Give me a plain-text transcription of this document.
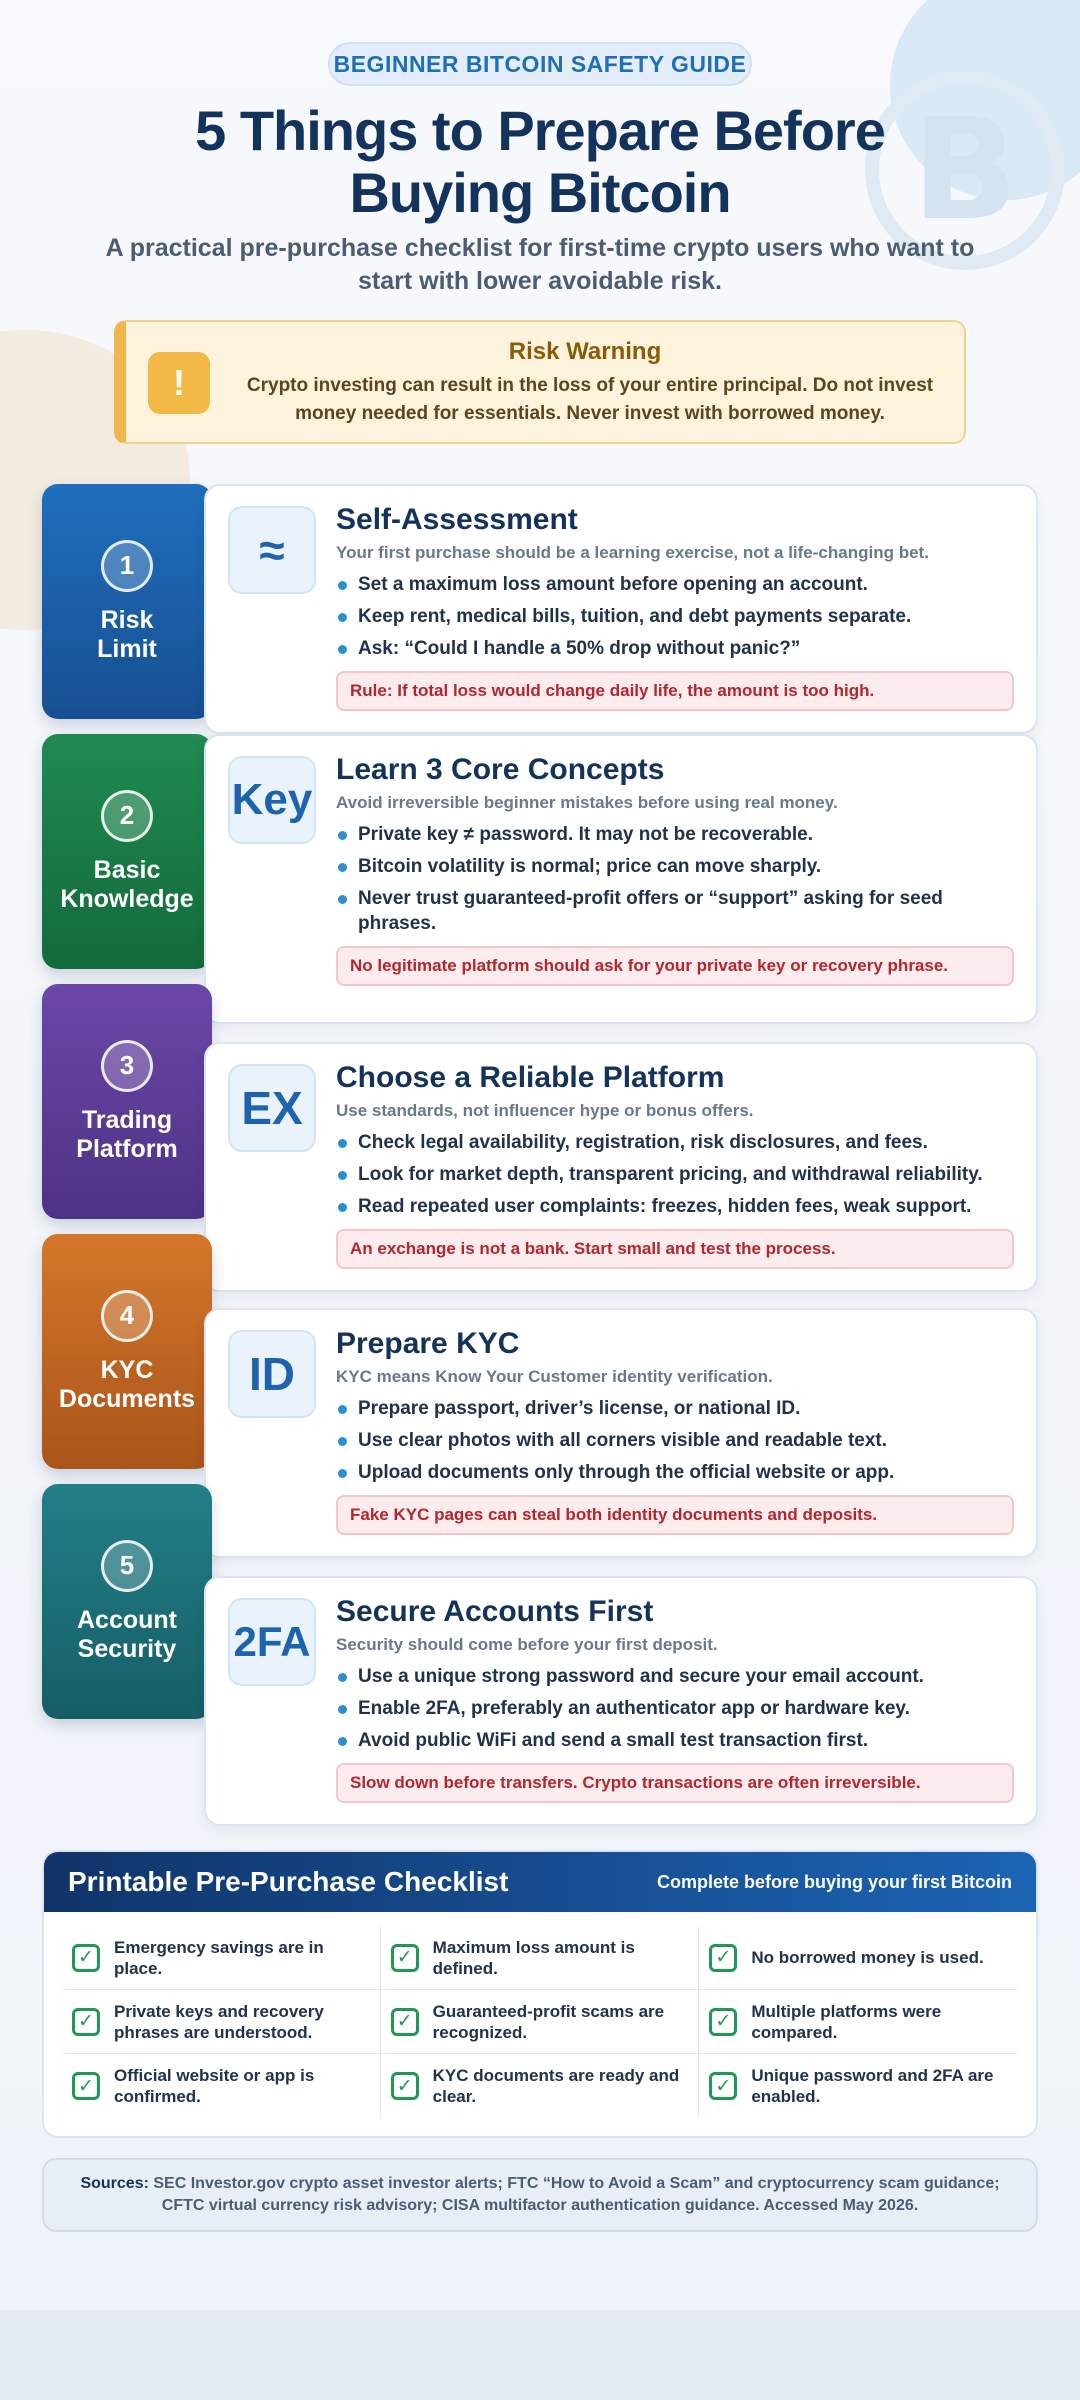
B
BEGINNER BITCOIN SAFETY GUIDE
5 Things to Prepare Before Buying Bitcoin

A practical pre-purchase checklist for first-time crypto users who want to start with lower avoidable risk.

!
Risk Warning
Crypto investing can result in the loss of your entire principal. Do not invest money needed for essentials. Never invest with borrowed money.
1
Risk Limit
≈
Self-Assessment
Your first purchase should be a learning exercise, not a life-changing bet.
Set a maximum loss amount before opening an account.
Keep rent, medical bills, tuition, and debt payments separate.
Ask: “Could I handle a 50% drop without panic?”
Rule: If total loss would change daily life, the amount is too high.
2
Basic Knowledge
Key
Learn 3 Core Concepts
Avoid irreversible beginner mistakes before using real money.
Private key ≠ password. It may not be recoverable.
Bitcoin volatility is normal; price can move sharply.
Never trust guaranteed-profit offers or “support” asking for seed phrases.
No legitimate platform should ask for your private key or recovery phrase.
3
Trading Platform
EX
Choose a Reliable Platform
Use standards, not influencer hype or bonus offers.
Check legal availability, registration, risk disclosures, and fees.
Look for market depth, transparent pricing, and withdrawal reliability.
Read repeated user complaints: freezes, hidden fees, weak support.
An exchange is not a bank. Start small and test the process.
4
KYC Documents	ID
Prepare KYC
KYC means Know Your Customer identity verification.
Prepare passport, driver’s license, or national ID.
Use clear photos with all corners visible and readable text.
Upload documents only through the official website or app.
Fake KYC pages can steal both identity documents and deposits.
5
Account Security	2FA
Secure Accounts First
Security should come before your first deposit.
Use a unique strong password and secure your email account.
Enable 2FA, preferably an authenticator app or hardware key.
Avoid public WiFi and send a small test transaction first.
Slow down before transfers. Crypto transactions are often irreversible.
Printable Pre-Purchase Checklist	Complete before buying your first Bitcoin
✓	Emergency savings are in place.	✓	Maximum loss amount is defined.	✓	No borrowed money is used.
✓	Private keys and recovery phrases are understood.	✓	Guaranteed-profit scams are recognized.	✓	Multiple platforms were compared.
✓	Official website or app is confirmed.	✓	KYC documents are ready and clear.	✓	Unique password and 2FA are enabled.

Sources: SEC Investor.gov crypto asset investor alerts; FTC “How to Avoid a Scam” and cryptocurrency scam guidance; CFTC virtual currency risk advisory; CISA multifactor authentication guidance. Accessed May 2026.
